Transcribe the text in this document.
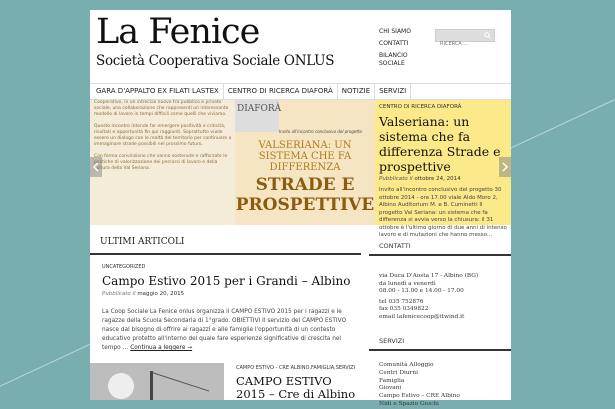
La Fenice
Società Cooperativa Sociale ONLUS
CHI SIAMO
CONTATTI
BILANCIO SOCIALE
RICERCA ...
GARA D'APPALTO EX FILATI LASTEX	CENTRO DI RICERCA DIAFORÀ	NOTIZIE	SERVIZI

Cooperative, in un intreccio nuovo tra pubblico e privato sociale, una collaborazione che rappresenti un interessante modello di lavoro in tempi difficili come quelli che viviamo.

Questo incontro intende far emergere positività e criticità, risultati e opportunità fin qui raggiunti. Soprattutto vuole essere un dialogo con le realtà del territorio per continuare a immaginare strade possibili nel prossimo futuro.

Con ferma convinzione che vanno sostenute e rafforzate le politiche di valorizzazione dei percorsi di lavoro e della cultura della Val Seriana.

DIAFORÀ
Invito all'incontro conclusivo del progetto
VALSERIANA: UN SISTEMA CHE FA DIFFERENZA
STRADE E PROSPETTIVE
CENTRO DI RICERCA DIAFORÀ
Valseriana: un sistema che fa differenza Strade e prospettive
Pubblicato il ottobre 24, 2014
Invito all'incontro conclusivo del progetto 30 ottobre 2014 - ore 17.00 viale Aldo Moro 2, Albino Auditorium M. e B. Cuminetti Il progetto Val Seriana: un sistema che fa differenza si avvia verso la chiusura: il 31 ottobre è l'ultimo giorno di due anni di intenso lavoro e di mutazioni che hanno messo...
ULTIMI ARTICOLI
UNCATEGORIZED
Campo Estivo 2015 per i Grandi – Albino
Pubblicato il maggio 20, 2015
La Coop Sociale La Fenice onlus organizza il CAMPO ESTIVO 2015 per i ragazzi e le ragazze della Scuola Secondaria di 1°grado. OBIETTIVI Il servizio del CAMPO ESTIVO nasce dal bisogno di offrire ai ragazzi e alle famiglie l'opportunità di un contesto educativo protetto all'interno del quale fare esperienze significative di crescita nel tempo … Continua a leggere →
CAMPO ESTIVO - CRE ALBINO,FAMIGLIA,SERVIZI
CAMPO ESTIVO 2015 – Cre di Albino
CONTATTI

via Duca D'Aosta 17 - Albino (BG)

da lunedì a venerdì

08.00 - 13.00 e 14.00 - 17.00

tel 035 752876

fax 035 0349822

email lafenicecoop@itwind.it

SERVIZI
Comunità Alloggio
Centri Diurni
Famiglia
Giovani
Campo Estivo – CRE Albino
Nidi e Spazio Giochi
